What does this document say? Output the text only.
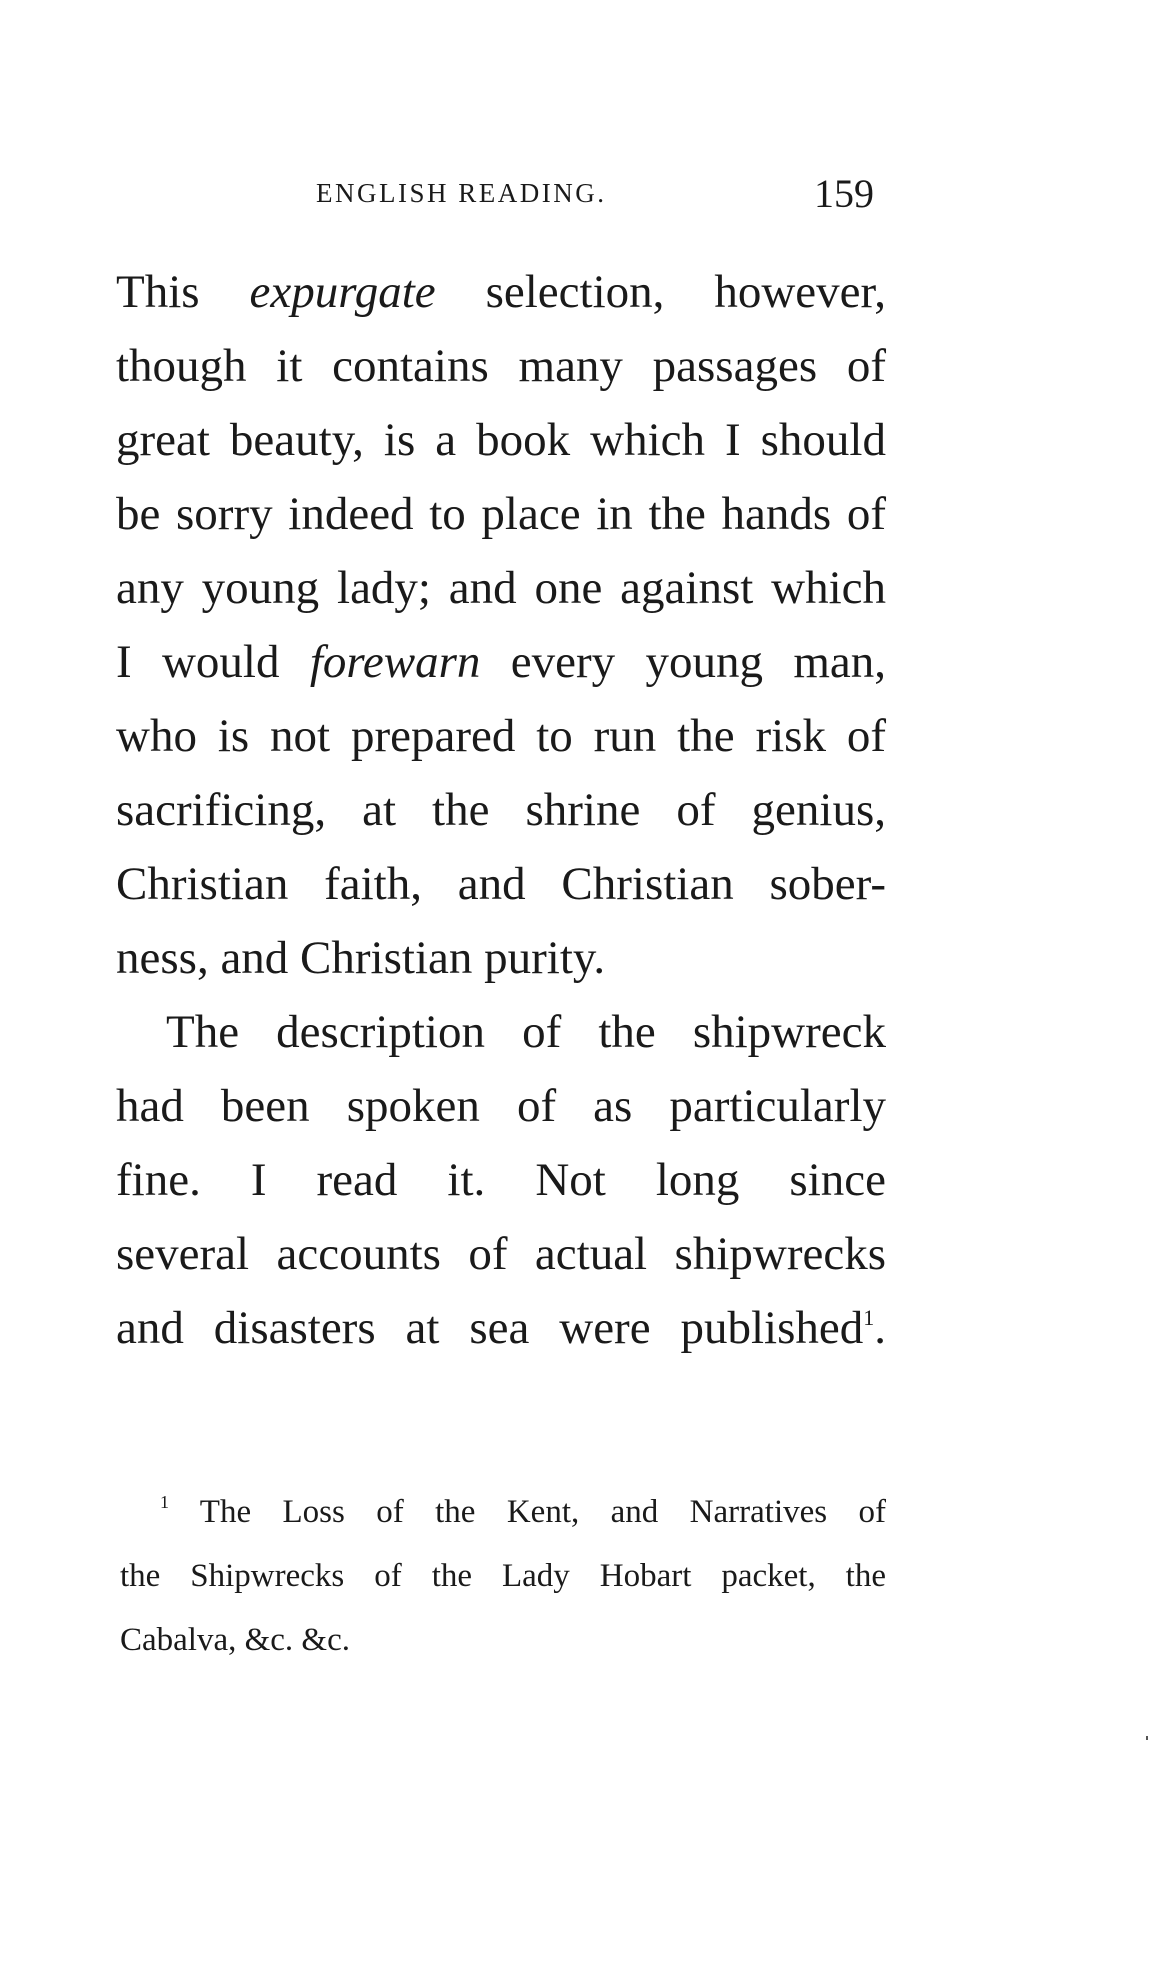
ENGLISH READING.	159
This expurgate selection, however,
though it contains many passages of
great beauty, is a book which I should
be sorry indeed to place in the hands of
any young lady; and one against which
I would forewarn every young man,
who is not prepared to run the risk of
sacrificing, at the shrine of genius,
Christian faith, and Christian sober-
ness, and Christian purity.
The description of the shipwreck
had been spoken of as particularly
fine. I read it. Not long since
several accounts of actual shipwrecks
and disasters at sea were published$^1$.
$^1$ The Loss of the Kent, and Narratives of
the Shipwrecks of the Lady Hobart packet, the
Cabalva, &c. &c.
